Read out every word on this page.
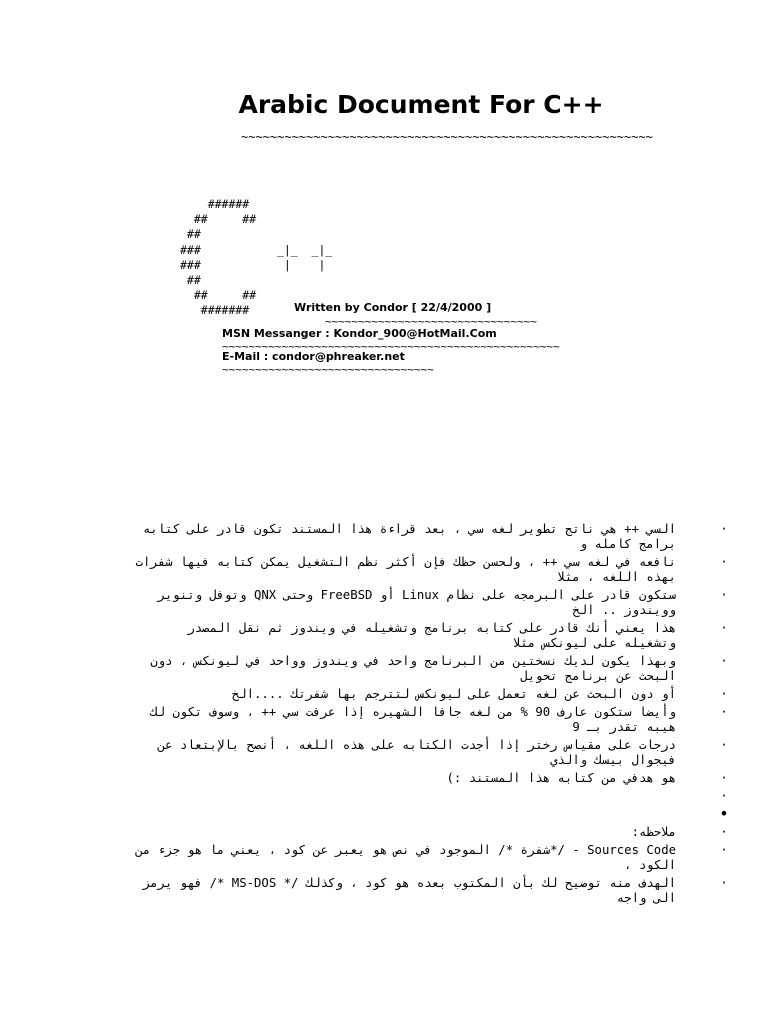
Arabic Document For C++
~~~~~~~~~~~~~~~~~~~~~~~~~~~~~~~~~~~~~~~~~~~~~~~~~~~~~~~~~
######
##     ##
##
###           _|_  _|_
###            |    |
##
##     ##
#######	Written by Condor [ 22/4/2000 ]
~~~~~~~~~~~~~~~~~~~~~~~~~~~~~~~~
MSN Messanger : Kondor_900@HotMail.Com
~~~~~~~~~~~~~~~~~~~~~~~~~~~~~~~~~~~~~~~~~~~~~~~~~~~
E-Mail : condor@phreaker.net
~~~~~~~~~~~~~~~~~~~~~~~~~~~~~~~~
·
السي ++ هي ناتج تطوير لغه سي ، بعد قراءة هذا المستند تكون قادر على كتابه برامج كامله و
·
نافعه في لغه سي ++ ، ولحسن حظك فإن أكثر نظم التشغيل يمكن كتابه فيها شفرات بهذه اللغه ، مثلا
·
ستكون قادر على البرمجه على نظام Linux أو FreeBSD وحتى QNX وتوفل وتنوير وويندوز .. الخ
·
هذا يعني أنك قادر على كتابه برنامج وتشغيله في ويندوز ثم نقل المصدر وتشغيله على ليونكس مثلا
·
وبهذا يكون لديك نسختين من البرنامج واحد في ويندوز وواحد في ليونكس ، دون البحث عن برنامج تحويل
·
أو دون البحث عن لغه تعمل على ليونكس لتترجم بها شفرتك ....الخ
·
وأيضا ستكون عارف 90 % من لغه جافا الشهيره إذا عرفت سي ++ ، وسوف تكون لك هيبه تقدر بـ 9
·
درجات على مقياس رختر إذا أجدت الكتابه على هذه اللغه ، أنصح بالإبتعاد عن فيجوال بيسك والذي
·
هو هدفي من كتابه هذا المستند :)
·
•
·
ملاحظه:
·
Sources Code - /*شفرة */ الموجود في نص هو يعبر عن كود ، يعني ما هو جزء من الكود ،
·
الهدف منه توضيح لك بأن المكتوب بعده هو كود ، وكذلك /* MS-DOS */ فهو يرمز الى واجه
